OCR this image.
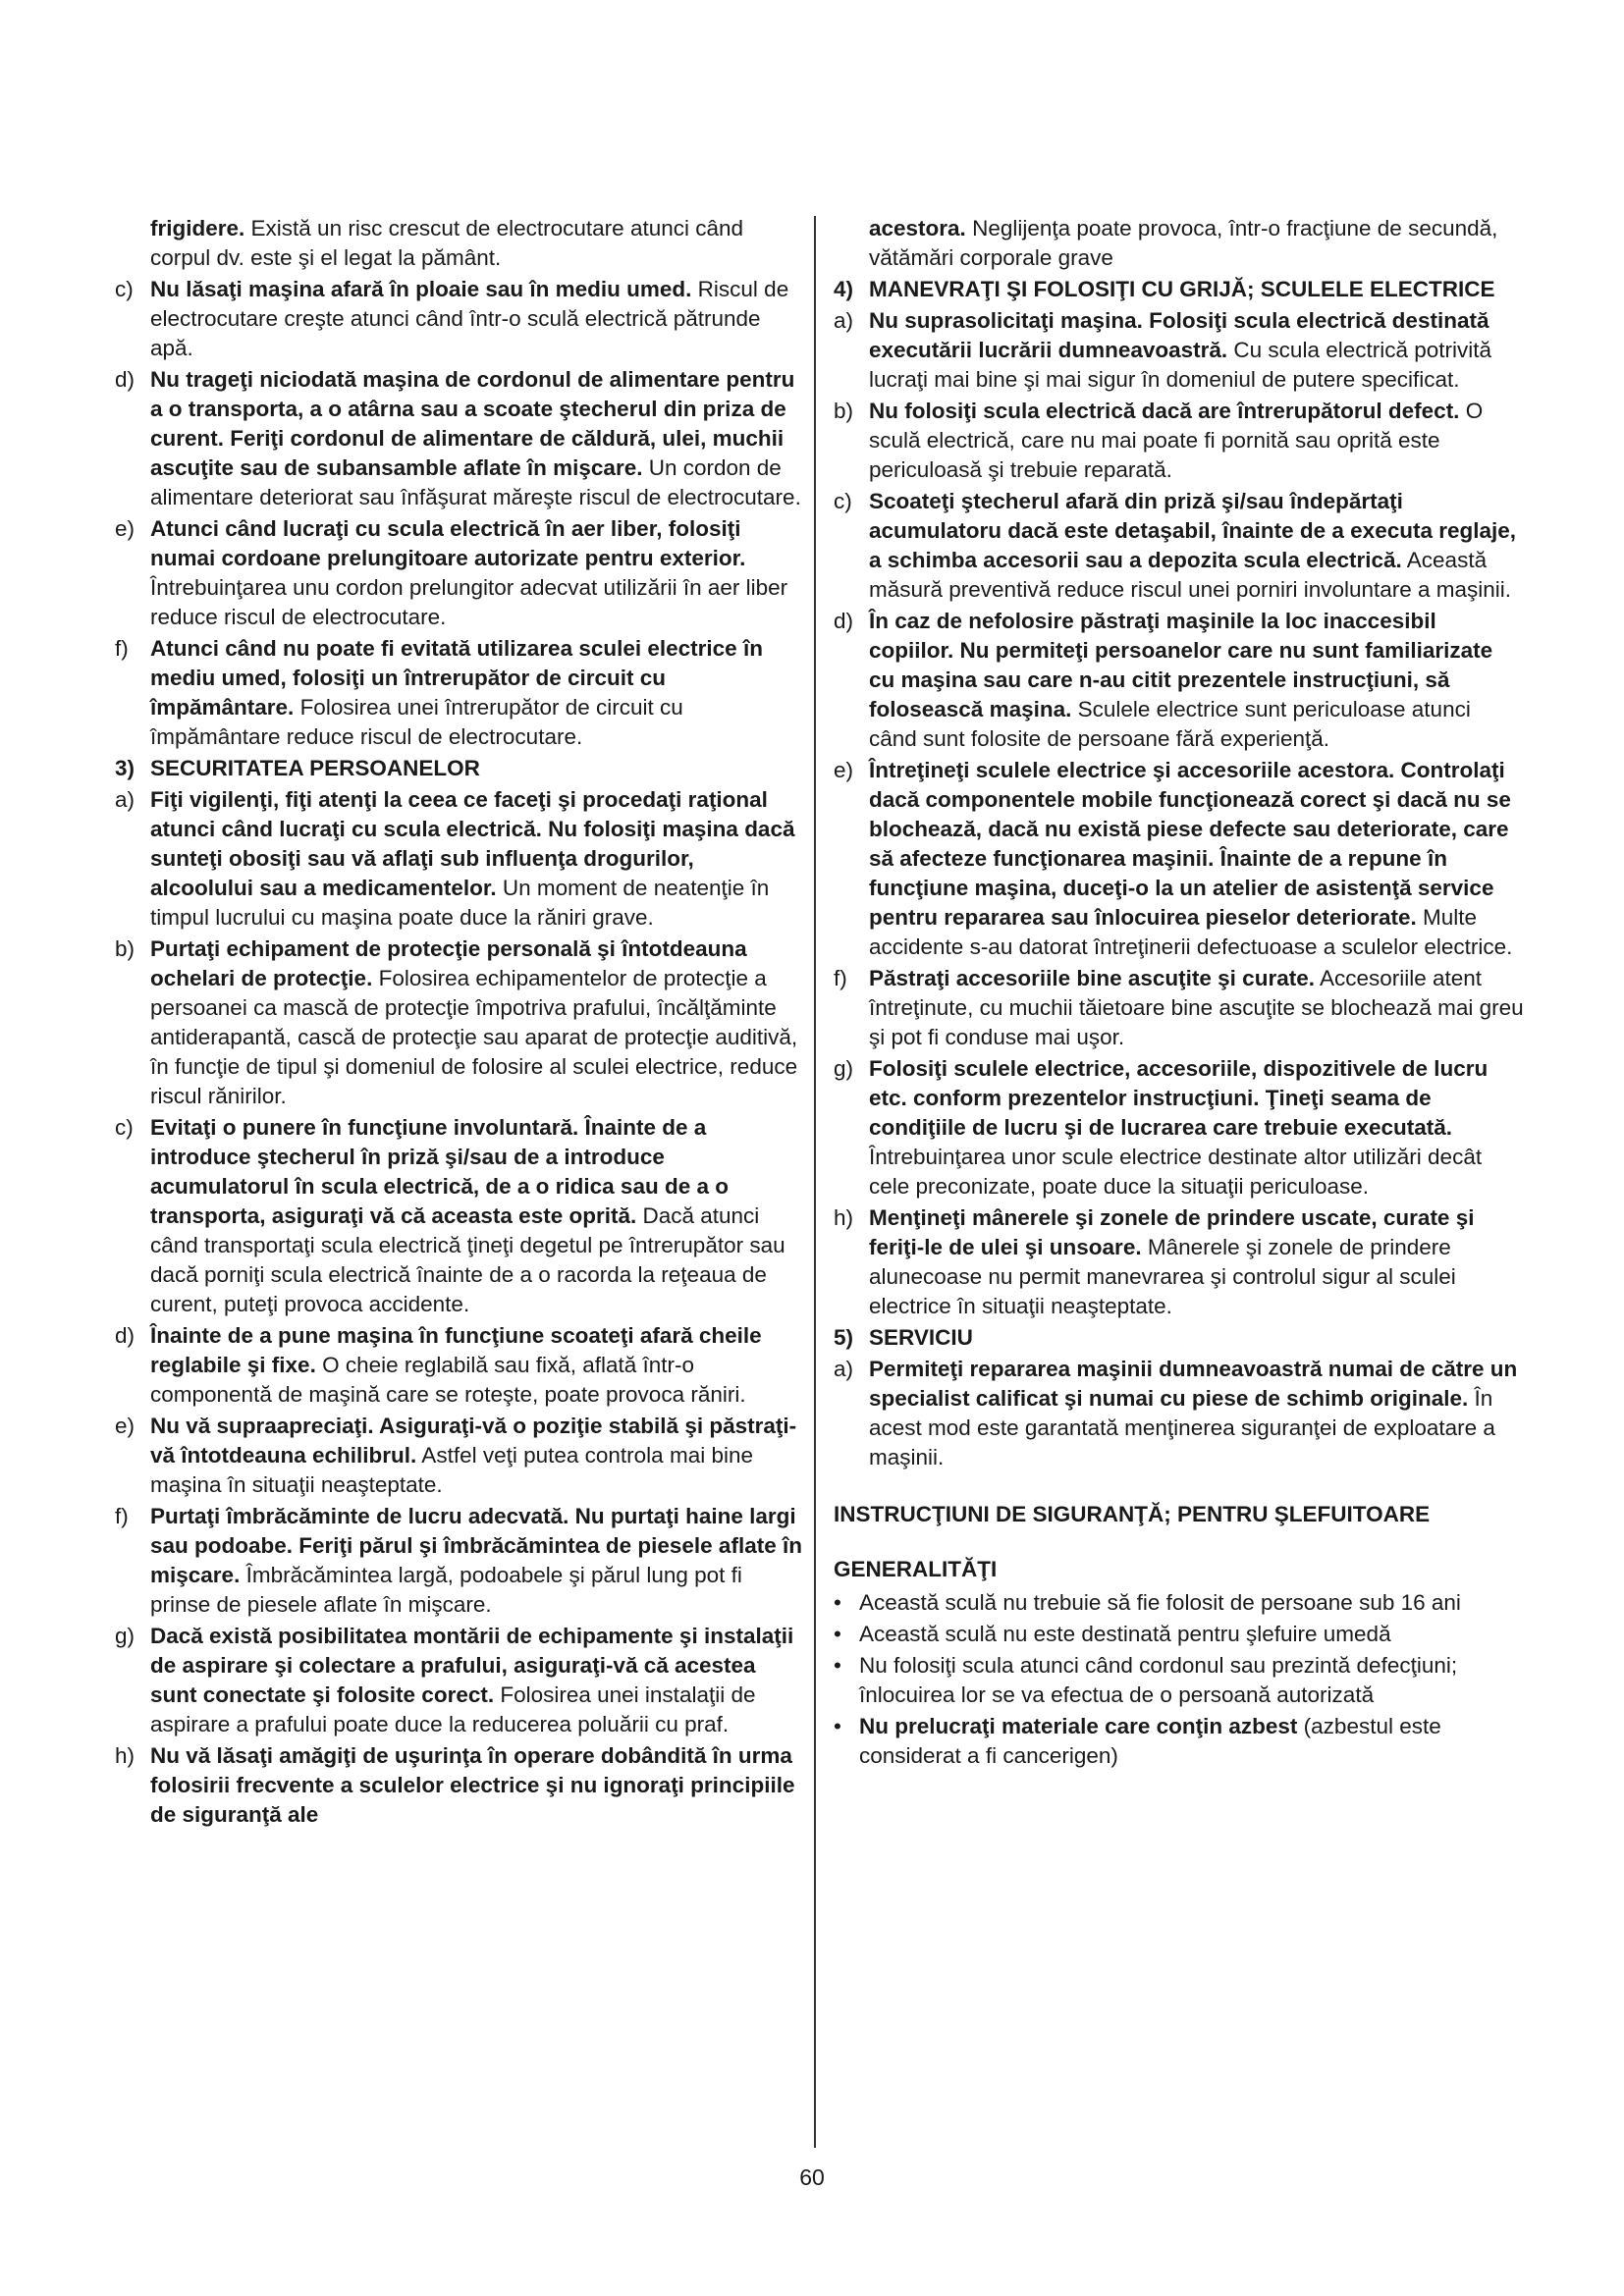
frigidere. Există un risc crescut de electrocutare atunci când corpul dv. este şi el legat la pământ.
c) Nu lăsaţi maşina afară în ploaie sau în mediu umed. Riscul de electrocutare creşte atunci când într-o sculă electrică pătrunde apă.
d) Nu trageţi niciodată maşina de cordonul de alimentare pentru a o transporta, a o atârna sau a scoate ştecherul din priza de curent. Feriţi cordonul de alimentare de căldură, ulei, muchii ascuţite sau de subansamble aflate în mişcare. Un cordon de alimentare deteriorat sau înfăşurat măreşte riscul de electrocutare.
e) Atunci când lucraţi cu scula electrică în aer liber, folosiţi numai cordoane prelungitoare autorizate pentru exterior. Întrebuinţarea unu cordon prelungitor adecvat utilizării în aer liber reduce riscul de electrocutare.
f) Atunci când nu poate fi evitată utilizarea sculei electrice în mediu umed, folosiţi un întrerupător de circuit cu împământare. Folosirea unei întrerupător de circuit cu împământare reduce riscul de electrocutare.
3) SECURITATEA PERSOANELOR
a) Fiţi vigilenţi, fiţi atenţi la ceea ce faceţi şi procedaţi raţional atunci când lucraţi cu scula electrică. Nu folosiţi maşina dacă sunteţi obosiţi sau vă aflaţi sub influenţa drogurilor, alcoolului sau a medicamentelor. Un moment de neatenţie în timpul lucrului cu maşina poate duce la răniri grave.
b) Purtaţi echipament de protecţie personală şi întotdeauna ochelari de protecţie. Folosirea echipamentelor de protecţie a persoanei ca mască de protecţie împotriva prafului, încălţăminte antiderapantă, cască de protecţie sau aparat de protecţie auditivă, în funcţie de tipul şi domeniul de folosire al sculei electrice, reduce riscul rănirilor.
c) Evitaţi o punere în funcţiune involuntară. Înainte de a introduce ştecherul în priză şi/sau de a introduce acumulatorul în scula electrică, de a o ridica sau de a o transporta, asiguraţi vă că aceasta este oprită. Dacă atunci când transportaţi scula electrică ţineţi degetul pe întrerupător sau dacă porniţi scula electrică înainte de a o racorda la reţeaua de curent, puteţi provoca accidente.
d) Înainte de a pune maşina în funcţiune scoateţi afară cheile reglabile şi fixe. O cheie reglabilă sau fixă, aflată într-o componentă de maşină care se roteşte, poate provoca răniri.
e) Nu vă supraapreciaţi. Asiguraţi-vă o poziţie stabilă şi păstraţi-vă întotdeauna echilibrul. Astfel veţi putea controla mai bine maşina în situaţii neaşteptate.
f) Purtaţi îmbrăcăminte de lucru adecvată. Nu purtaţi haine largi sau podoabe. Feriţi părul şi îmbrăcămintea de piesele aflate în mişcare. Îmbrăcămintea largă, podoabele şi părul lung pot fi prinse de piesele aflate în mişcare.
g) Dacă există posibilitatea montării de echipamente şi instalaţii de aspirare şi colectare a prafului, asiguraţi-vă că acestea sunt conectate şi folosite corect. Folosirea unei instalaţii de aspirare a prafului poate duce la reducerea poluării cu praf.
h) Nu vă lăsaţi amăgiţi de uşurinţa în operare dobândită în urma folosirii frecvente a sculelor electrice şi nu ignoraţi principiile de siguranţă ale
acestora. Neglijenţa poate provoca, într-o fracţiune de secundă, vătămări corporale grave
4) MANEVRAŢI ŞI FOLOSIŢI CU GRIJĂ; SCULELE ELECTRICE
a) Nu suprasolicitaţi maşina. Folosiţi scula electrică destinată executării lucrării dumneavoastră. Cu scula electrică potrivită lucraţi mai bine şi mai sigur în domeniul de putere specificat.
b) Nu folosiţi scula electrică dacă are întrerupătorul defect. O sculă electrică, care nu mai poate fi pornită sau oprită este periculoasă şi trebuie reparată.
c) Scoateţi ştecherul afară din priză şi/sau îndepărtaţi acumulatoru dacă este detaşabil, înainte de a executa reglaje, a schimba accesorii sau a depozita scula electrică. Această măsură preventivă reduce riscul unei porniri involuntare a maşinii.
d) În caz de nefolosire păstraţi maşinile la loc inaccesibil copiilor. Nu permiteţi persoanelor care nu sunt familiarizate cu maşina sau care n-au citit prezentele instrucţiuni, să folosească maşina. Sculele electrice sunt periculoase atunci când sunt folosite de persoane fără experienţă.
e) Întreţineţi sculele electrice şi accesoriile acestora. Controlaţi dacă componentele mobile funcţionează corect şi dacă nu se blochează, dacă nu există piese defecte sau deteriorate, care să afecteze funcţionarea maşinii. Înainte de a repune în funcţiune maşina, duceţi-o la un atelier de asistenţă service pentru repararea sau înlocuirea pieselor deteriorate. Multe accidente s-au datorat întreţinerii defectuoase a sculelor electrice.
f) Păstraţi accesoriile bine ascuţite şi curate. Accesoriile atent întreţinute, cu muchii tăietoare bine ascuţite se blochează mai greu şi pot fi conduse mai uşor.
g) Folosiţi sculele electrice, accesoriile, dispozitivele de lucru etc. conform prezentelor instrucţiuni. Ţineţi seama de condiţiile de lucru şi de lucrarea care trebuie executată. Întrebuinţarea unor scule electrice destinate altor utilizări decât cele preconizate, poate duce la situaţii periculoase.
h) Menţineţi mânerele şi zonele de prindere uscate, curate şi feriţi-le de ulei şi unsoare. Mânerele şi zonele de prindere alunecoase nu permit manevrarea şi controlul sigur al sculei electrice în situaţii neaşteptate.
5) SERVICIU
a) Permiteţi repararea maşinii dumneavoastră numai de către un specialist calificat şi numai cu piese de schimb originale. În acest mod este garantată menţinerea siguranţei de exploatare a maşinii.
INSTRUCŢIUNI DE SIGURANŢĂ; PENTRU ŞLEFUITOARE
GENERALITĂŢI
• Această sculă nu trebuie să fie folosit de persoane sub 16 ani
• Această sculă nu este destinată pentru şlefuire umedă
• Nu folosiţi scula atunci când cordonul sau prezintă defecţiuni; înlocuirea lor se va efectua de o persoană autorizată
• Nu prelucraţi materiale care conţin azbest (azbestul este considerat a fi cancerigen)
60
